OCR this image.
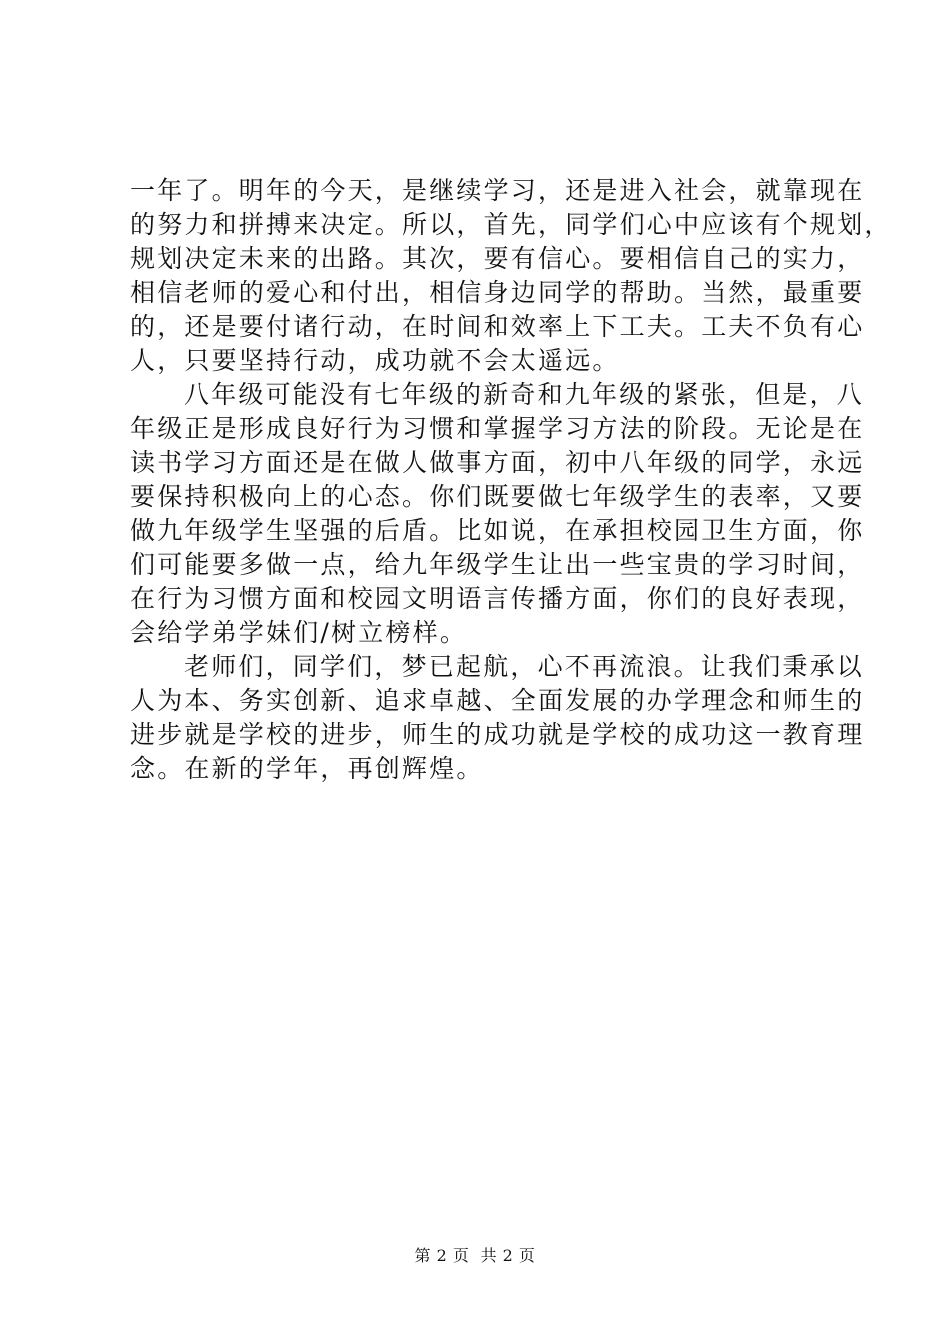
一年了。明年的今天，是继续学习，还是进入社会，就靠现在
的努力和拼搏来决定。所以，首先，同学们心中应该有个规划，
规划决定未来的出路。其次，要有信心。要相信自己的实力，
相信老师的爱心和付出，相信身边同学的帮助。当然，最重要
的，还是要付诸行动，在时间和效率上下工夫。工夫不负有心
人，只要坚持行动，成功就不会太遥远。
八年级可能没有七年级的新奇和九年级的紧张，但是，八
年级正是形成良好行为习惯和掌握学习方法的阶段。无论是在
读书学习方面还是在做人做事方面，初中八年级的同学，永远
要保持积极向上的心态。你们既要做七年级学生的表率，又要
做九年级学生坚强的后盾。比如说，在承担校园卫生方面，你
们可能要多做一点，给九年级学生让出一些宝贵的学习时间，
在行为习惯方面和校园文明语言传播方面，你们的良好表现，
会给学弟学妹们/树立榜样。
老师们，同学们，梦已起航，心不再流浪。让我们秉承以
人为本、务实创新、追求卓越、全面发展的办学理念和师生的
进步就是学校的进步，师生的成功就是学校的成功这一教育理
念。在新的学年，再创辉煌。
第 2 页  共 2 页
